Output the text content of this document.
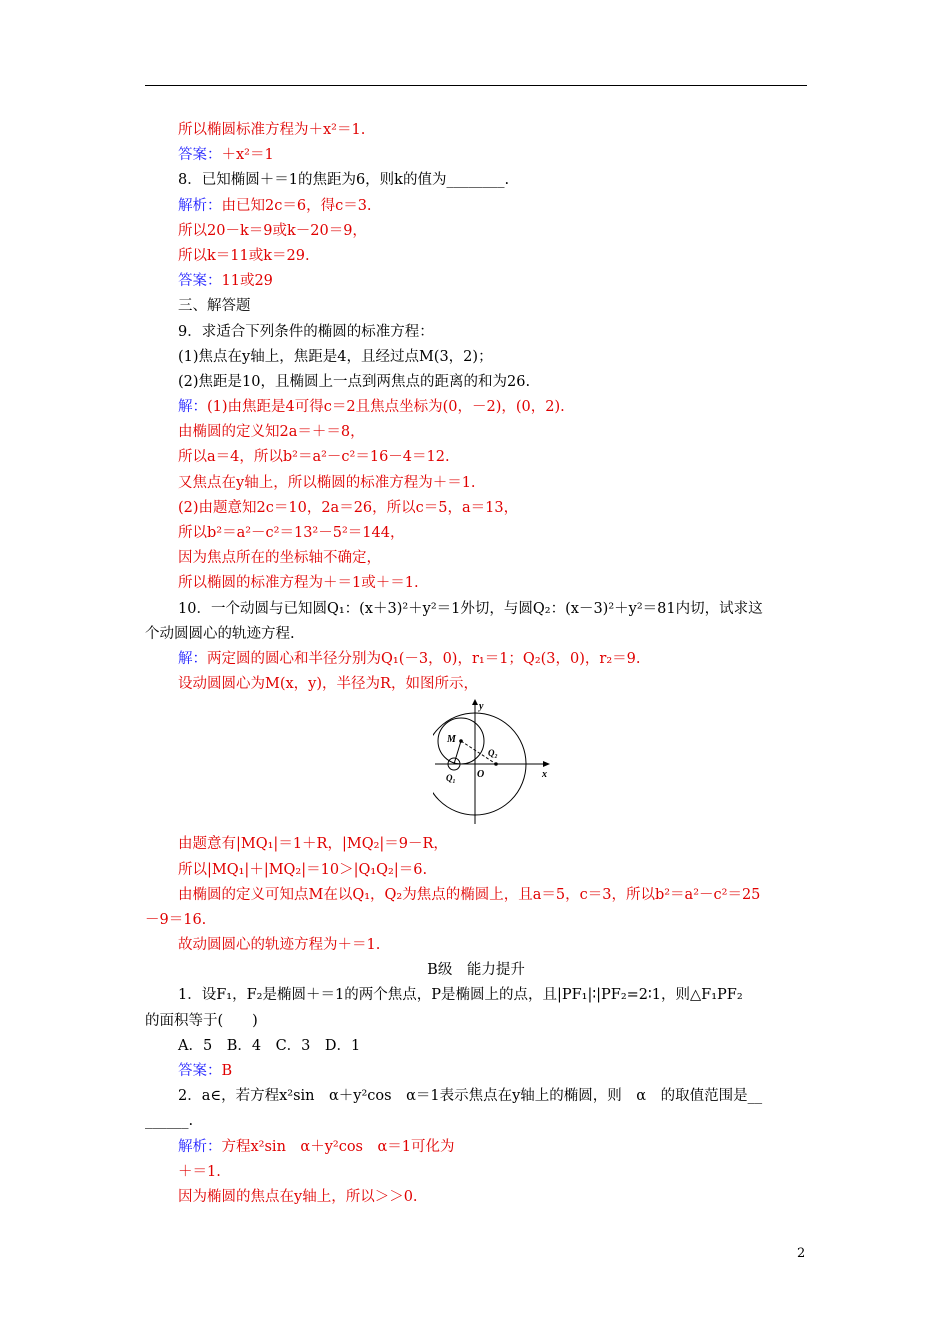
所以椭圆标准方程为＋x²＝1.
答案：＋x²＝1
8．已知椭圆＋＝1的焦距为6，则k的值为________.
解析：由已知2c＝6，得c＝3.
所以20－k＝9或k－20＝9，
所以k＝11或k＝29.
答案：11或29
三、解答题
9．求适合下列条件的椭圆的标准方程：
(1)焦点在y轴上，焦距是4，且经过点M(3，2)；
(2)焦距是10，且椭圆上一点到两焦点的距离的和为26.
解：(1)由焦距是4可得c＝2且焦点坐标为(0，－2)，(0，2).
由椭圆的定义知2a＝＋＝8，
所以a＝4，所以b²＝a²－c²＝16－4＝12.
又焦点在y轴上，所以椭圆的标准方程为＋＝1.
(2)由题意知2c＝10，2a＝26，所以c＝5，a＝13，
所以b²＝a²－c²＝13²－5²＝144，
因为焦点所在的坐标轴不确定，
所以椭圆的标准方程为＋＝1或＋＝1.
10．一个动圆与已知圆Q₁：(x＋3)²＋y²＝1外切，与圆Q₂：(x－3)²＋y²＝81内切，试求这
个动圆圆心的轨迹方程.
解：两定圆的圆心和半径分别为Q₁(－3，0)，r₁＝1；Q₂(3，0)，r₂＝9.
设动圆圆心为M(x，y)，半径为R，如图所示，
y
x
M
Q₂
Q₁ O
由题意有|MQ₁|＝1＋R，|MQ₂|＝9－R，
所以|MQ₁|＋|MQ₂|＝10＞|Q₁Q₂|＝6.
由椭圆的定义可知点M在以Q₁，Q₂为焦点的椭圆上，且a＝5，c＝3，所以b²＝a²－c²＝25
－9＝16.
故动圆圆心的轨迹方程为＋＝1.
B级　能力提升
1．设F₁，F₂是椭圆＋＝1的两个焦点，P是椭圆上的点，且|PF₁|∶|PF₂=2∶1，则△F₁PF₂
的面积等于(　　)
A．5　B．4　C．3　D．1
答案：B
2．a∈，若方程x²sin　α＋y²cos　α＝1表示焦点在y轴上的椭圆，则　α　的取值范围是__
______.
解析：方程x²sin　α＋y²cos　α＝1可化为
＋＝1.
因为椭圆的焦点在y轴上，所以＞＞0.
2
